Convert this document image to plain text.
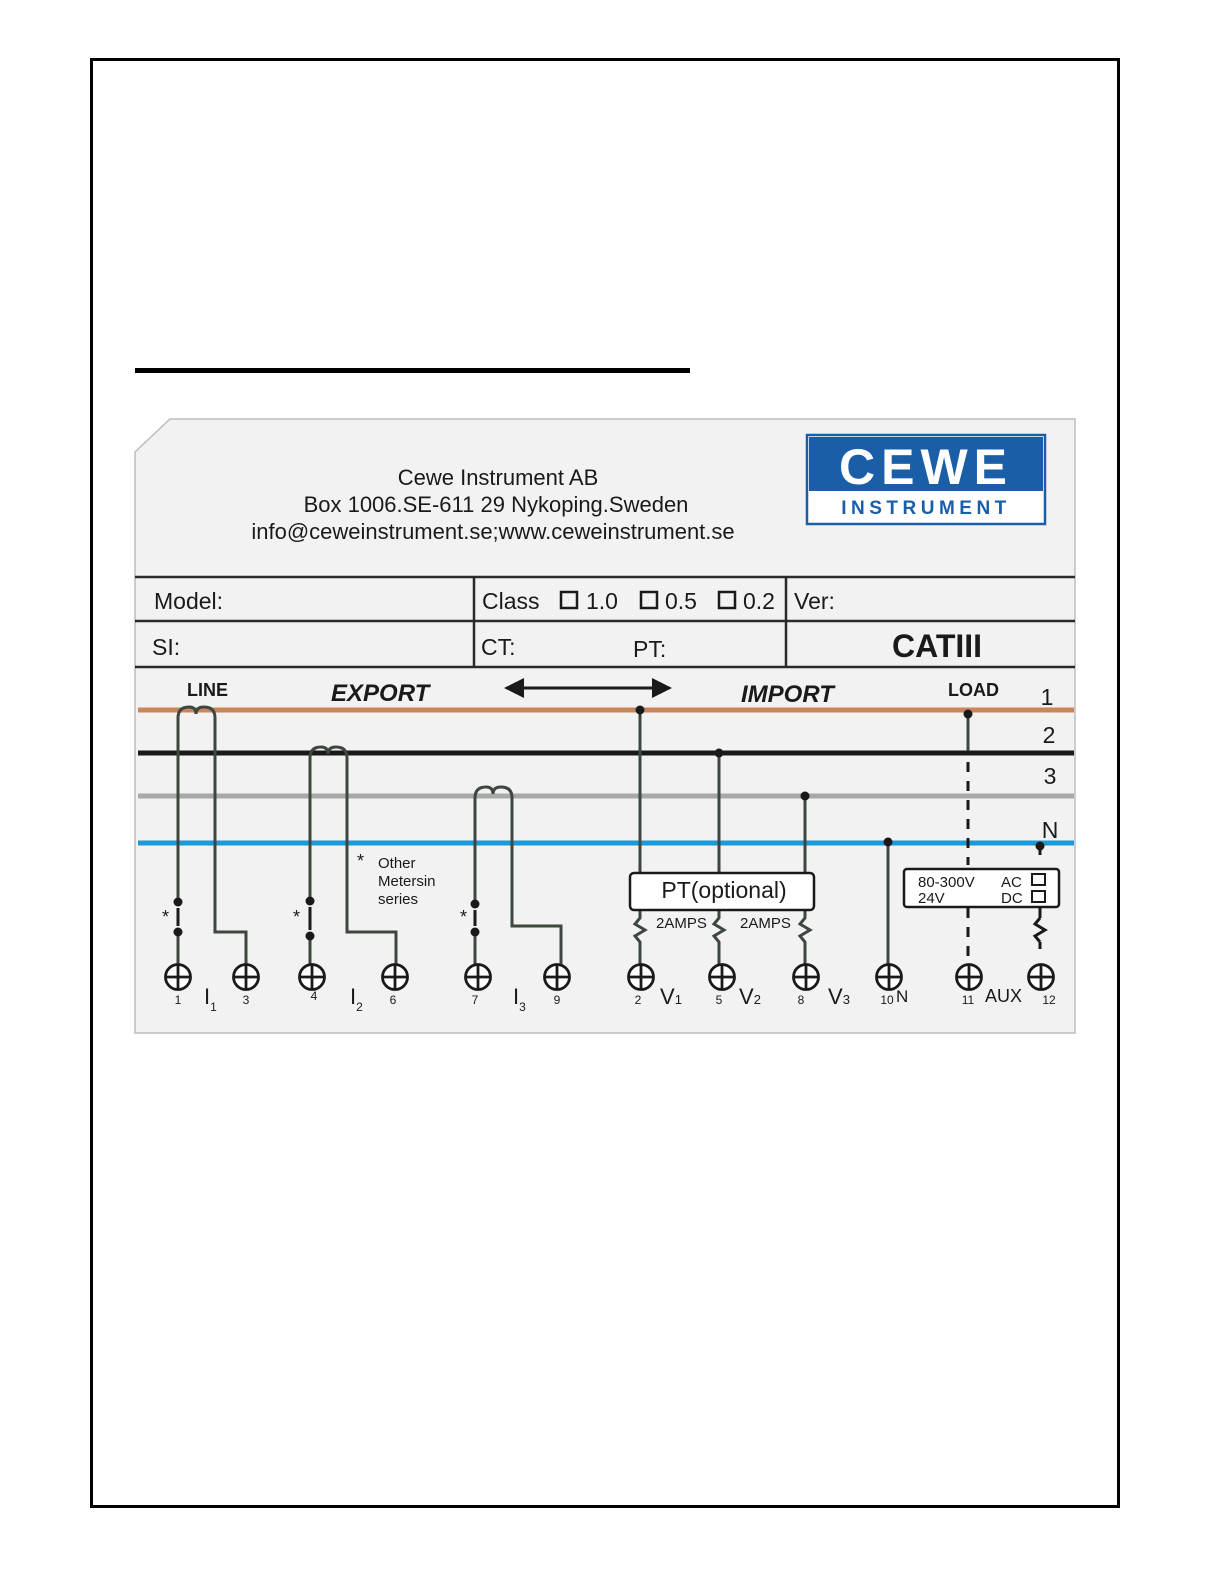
Cewe Instrument AB
Box 1006.SE-611 29 Nykoping.Sweden
info@ceweinstrument.se;www.ceweinstrument.se
CEWE
INSTRUMENT
Model:	Class 1.0 0.5 0.2 Ver:
SI:	CT:	PT:	CATIII
LINE	EXPORT	IMPORT	LOAD 1
2
3
N
*	*	*
* Other
Metersin
series	PT(optional)
2AMPS 2AMPS
80-300V
24V
AC
DC
1	3	4	6	7	9	2	5	8	10	11	12
$I_1$	$I_2$	$I_3$	V1	V2	V3	N	AUX
